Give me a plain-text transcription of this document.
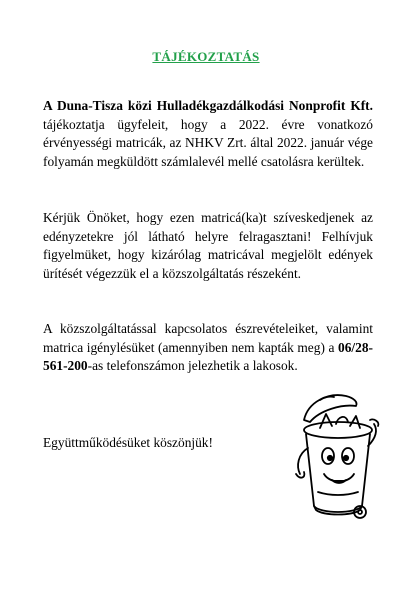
TÁJÉKOZTATÁS

A Duna-Tisza közi Hulladékgazdálkodási Nonprofit Kft. tájékoztatja ügyfeleit, hogy a 2022. évre vonatkozó érvényességi matricák, az NHKV Zrt. által 2022. január vége folyamán megküldött számlalevél mellé csatolásra kerültek.

Kérjük Önöket, hogy ezen matricá(ka)t szíveskedjenek az edényzetekre jól látható helyre felragasztani! Felhívjuk figyelmüket, hogy kizárólag matricával megjelölt edények ürítését végezzük el a közszolgáltatás részeként.

A közszolgáltatással kapcsolatos észrevételeiket, valamint matrica igénylésüket (amennyiben nem kapták meg) a 06/28-561-200-as telefonszámon jelezhetik a lakosok.

Együttműködésüket köszönjük!
